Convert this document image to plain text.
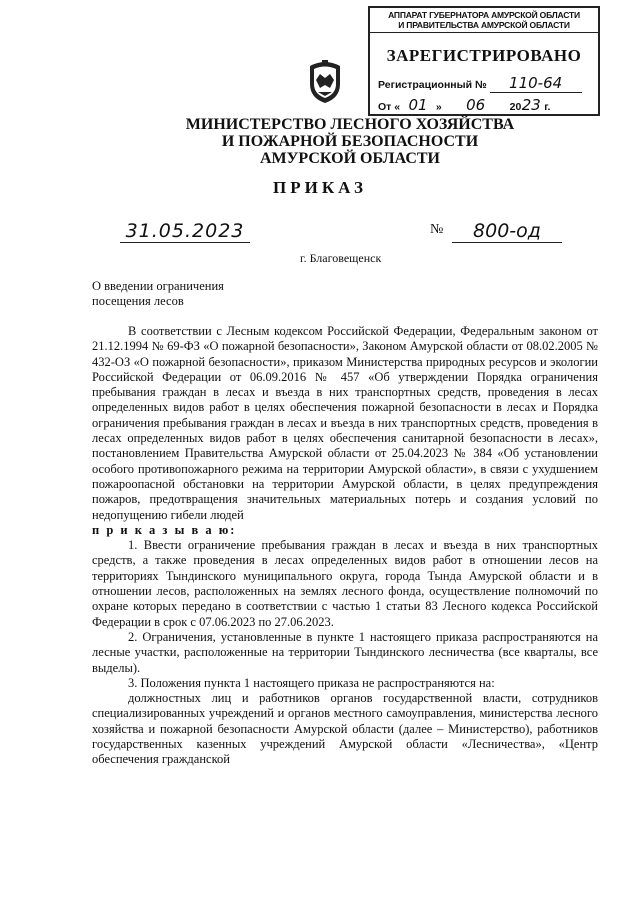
АППАРАТ ГУБЕРНАТОРА АМУРСКОЙ ОБЛАСТИ
И ПРАВИТЕЛЬСТВА АМУРСКОЙ ОБЛАСТИ
ЗАРЕГИСТРИРОВАНО
Регистрационный № 110-64
От « 01 » 06 2023 г.
МИНИСТЕРСТВО ЛЕСНОГО ХОЗЯЙСТВА
И ПОЖАРНОЙ БЕЗОПАСНОСТИ
АМУРСКОЙ ОБЛАСТИ
ПРИКАЗ
31.05.2023	№	800-од
г. Благовещенск
О введении ограничения
посещения лесов

В соответствии с Лесным кодексом Российской Федерации, Федеральным законом от 21.12.1994 № 69-ФЗ «О пожарной безопасности», Законом Амурской области от 08.02.2005 № 432-ОЗ «О пожарной безопасности», приказом Министерства природных ресурсов и экологии Российской Федерации от 06.09.2016 № 457 «Об утверждении Порядка ограничения пребывания граждан в лесах и въезда в них транспортных средств, проведения в лесах определенных видов работ в целях обеспечения пожарной безопасности в лесах и Порядка ограничения пребывания граждан в лесах и въезда в них транспортных средств, проведения в лесах определенных видов работ в целях обеспечения санитарной безопасности в лесах», постановлением Правительства Амурской области от 25.04.2023 № 384 «Об установлении особого противопожарного режима на территории Амурской области», в связи с ухудшением пожароопасной обстановки на территории Амурской области, в целях предупреждения пожаров, предотвращения значительных материальных потерь и создания условий по недопущению гибели людей

п р и к а з ы в а ю:

1. Ввести ограничение пребывания граждан в лесах и въезда в них транспортных средств, а также проведения в лесах определенных видов работ в отношении лесов на территориях Тындинского муниципального округа, города Тында Амурской области и в отношении лесов, расположенных на землях лесного фонда, осуществление полномочий по охране которых передано в соответствии с частью 1 статьи 83 Лесного кодекса Российской Федерации в срок с 07.06.2023 по 27.06.2023.

2. Ограничения, установленные в пункте 1 настоящего приказа распространяются на лесные участки, расположенные на территории Тындинского лесничества (все кварталы, все выделы).

3. Положения пункта 1 настоящего приказа не распространяются на:

должностных лиц и работников органов государственной власти, сотрудников специализированных учреждений и органов местного самоуправления, министерства лесного хозяйства и пожарной безопасности Амурской области (далее – Министерство), работников государственных казенных учреждений Амурской области «Лесничества», «Центр обеспечения гражданской
